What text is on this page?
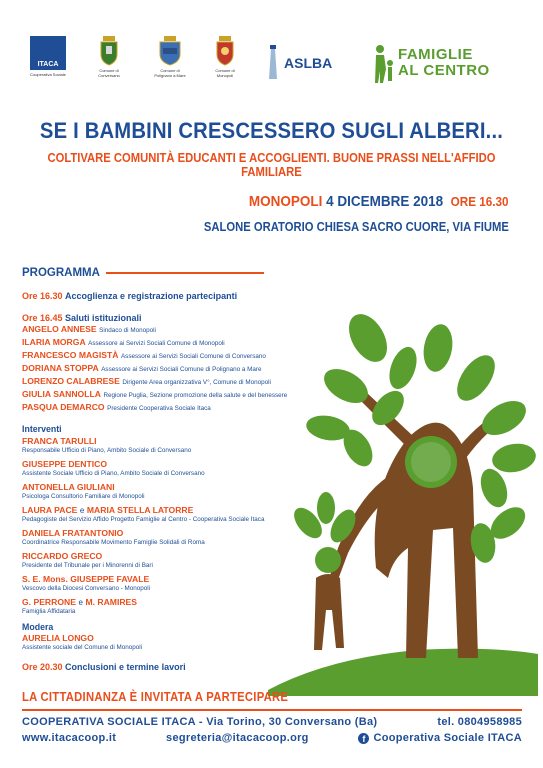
ITACA
Cooperativa Sociale
Comune di
Conversano
Comune di
Polignano a Mare
Comune di
Monopoli
ASLBA	FAMIGLIE
AL CENTRO
SE I BAMBINI CRESCESSERO SUGLI ALBERI...
COLTIVARE COMUNITÀ EDUCANTI E ACCOGLIENTI. BUONE PRASSI NELL'AFFIDO FAMILIARE
MONOPOLI 4 DICEMBRE 2018 ORE 16.30
SALONE ORATORIO CHIESA SACRO CUORE, VIA FIUME
PROGRAMMA
Ore 16.30 Accoglienza e registrazione partecipanti
Ore 16.45 Saluti istituzionali
ANGELO ANNESE Sindaco di Monopoli
ILARIA MORGA Assessore ai Servizi Sociali Comune di Monopoli
FRANCESCO MAGISTÀ Assessore ai Servizi Sociali Comune di Conversano
DORIANA STOPPA Assessore ai Servizi Sociali Comune di Polignano a Mare
LORENZO CALABRESE Dirigente Area organizzativa V°, Comune di Monopoli
GIULIA SANNOLLA Regione Puglia, Sezione promozione della salute e del benessere
PASQUA DEMARCO Presidente Cooperativa Sociale Itaca
Interventi
FRANCA TARULLI
Responsabile Ufficio di Piano, Ambito Sociale di Conversano
GIUSEPPE DENTICO
Assistente Sociale Ufficio di Piano, Ambito Sociale di Conversano
ANTONELLA GIULIANI
Psicologa Consultorio Familiare di Monopoli
LAURA PACE e MARIA STELLA LATORRE
Pedagogiste del Servizio Affido Progetto Famiglie al Centro - Cooperativa Sociale Itaca
DANIELA FRATANTONIO
Coordinatrice Responsabile Movimento Famiglie Solidali di Roma
RICCARDO GRECO
Presidente del Tribunale per i Minorenni di Bari
S. E. Mons. GIUSEPPE FAVALE
Vescovo della Diocesi Conversano - Monopoli
G. PERRONE e M. RAMIRES
Famiglia Affidataria
Modera
AURELIA LONGO
Assistente sociale del Comune di Monopoli
Ore 20.30 Conclusioni e termine lavori
LA CITTADINANZA È INVITATA A PARTECIPARE
COOPERATIVA SOCIALE ITACA - Via Torino, 30 Conversano (Ba)	tel. 0804958985
www.itacacoop.it	segreteria@itacacoop.org	f Cooperativa Sociale ITACA
